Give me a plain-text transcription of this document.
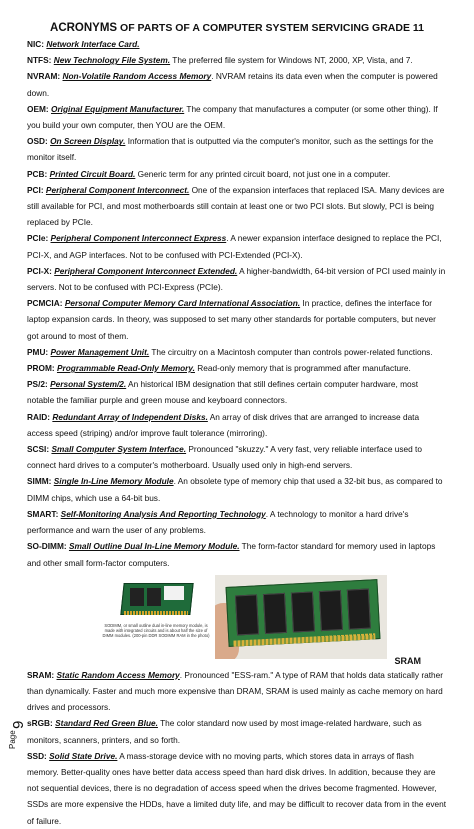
ACRONYMS OF PARTS OF A COMPUTER SYSTEM SERVICING GRADE 11

NIC: Network Interface Card.

NTFS: New Technology File System. The preferred file system for Windows NT, 2000, XP, Vista, and 7.

NVRAM: Non-Volatile Random Access Memory. NVRAM retains its data even when the computer is powered down.

OEM: Original Equipment Manufacturer. The company that manufactures a computer (or some other thing). If you build your own computer, then YOU are the OEM.

OSD: On Screen Display. Information that is outputted via the computer's monitor, such as the settings for the monitor itself.

PCB: Printed Circuit Board. Generic term for any printed circuit board, not just one in a computer.

PCI: Peripheral Component Interconnect. One of the expansion interfaces that replaced ISA. Many devices are still available for PCI, and most motherboards still contain at least one or two PCI slots. But slowly, PCI is being replaced by PCIe.

PCIe: Peripheral Component Interconnect Express. A newer expansion interface designed to replace the PCI, PCI-X, and AGP interfaces. Not to be confused with PCI-Extended (PCI-X).

PCI-X: Peripheral Component Interconnect Extended. A higher-bandwidth, 64-bit version of PCI used mainly in servers. Not to be confused with PCI-Express (PCIe).

PCMCIA: Personal Computer Memory Card International Association. In practice, defines the interface for laptop expansion cards. In theory, was supposed to set many other standards for portable computers, but never got around to most of them.

PMU: Power Management Unit. The circuitry on a Macintosh computer than controls power-related functions.

PROM: Programmable Read-Only Memory. Read-only memory that is programmed after manufacture.

PS/2: Personal System/2. An historical IBM designation that still defines certain computer hardware, most notable the familiar purple and green mouse and keyboard connectors.

RAID: Redundant Array of Independent Disks. An array of disk drives that are arranged to increase data access speed (striping) and/or improve fault tolerance (mirroring).

SCSI: Small Computer System Interface. Pronounced "skuzzy." A very fast, very reliable interface used to connect hard drives to a computer's motherboard. Usually used only in high-end servers.

SIMM: Single In-Line Memory Module. An obsolete type of memory chip that used a 32-bit bus, as compared to DIMM chips, which use a 64-bit bus.

SMART: Self-Monitoring Analysis And Reporting Technology. A technology to monitor a hard drive's performance and warn the user of any problems.

SO-DIMM: Small Outline Dual In-Line Memory Module. The form-factor standard for memory used in laptops and other small form-factor computers.

SODIMM, or small outline dual in-line memory module, is made with integrated circuits and is about half the size of DIMM modules. (200-pin DDR SODIMM RAM in the photo)
SRAM

SRAM: Static Random Access Memory. Pronounced "ESS-ram." A type of RAM that holds data statically rather than dynamically. Faster and much more expensive than DRAM, SRAM is used mainly as cache memory on hard drives and processors.

sRGB: Standard Red Green Blue. The color standard now used by most image-related hardware, such as monitors, scanners, printers, and so forth.

SSD: Solid State Drive. A mass-storage device with no moving parts, which stores data in arrays of flash memory. Better-quality ones have better data access speed than hard disk drives. In addition, because they are not sequential devices, there is no degradation of access speed when the drives become fragmented. However, SSDs are more expensive the HDDs, have a limited duty life, and may be difficult to recover data from in the event of failure.

Page
9
